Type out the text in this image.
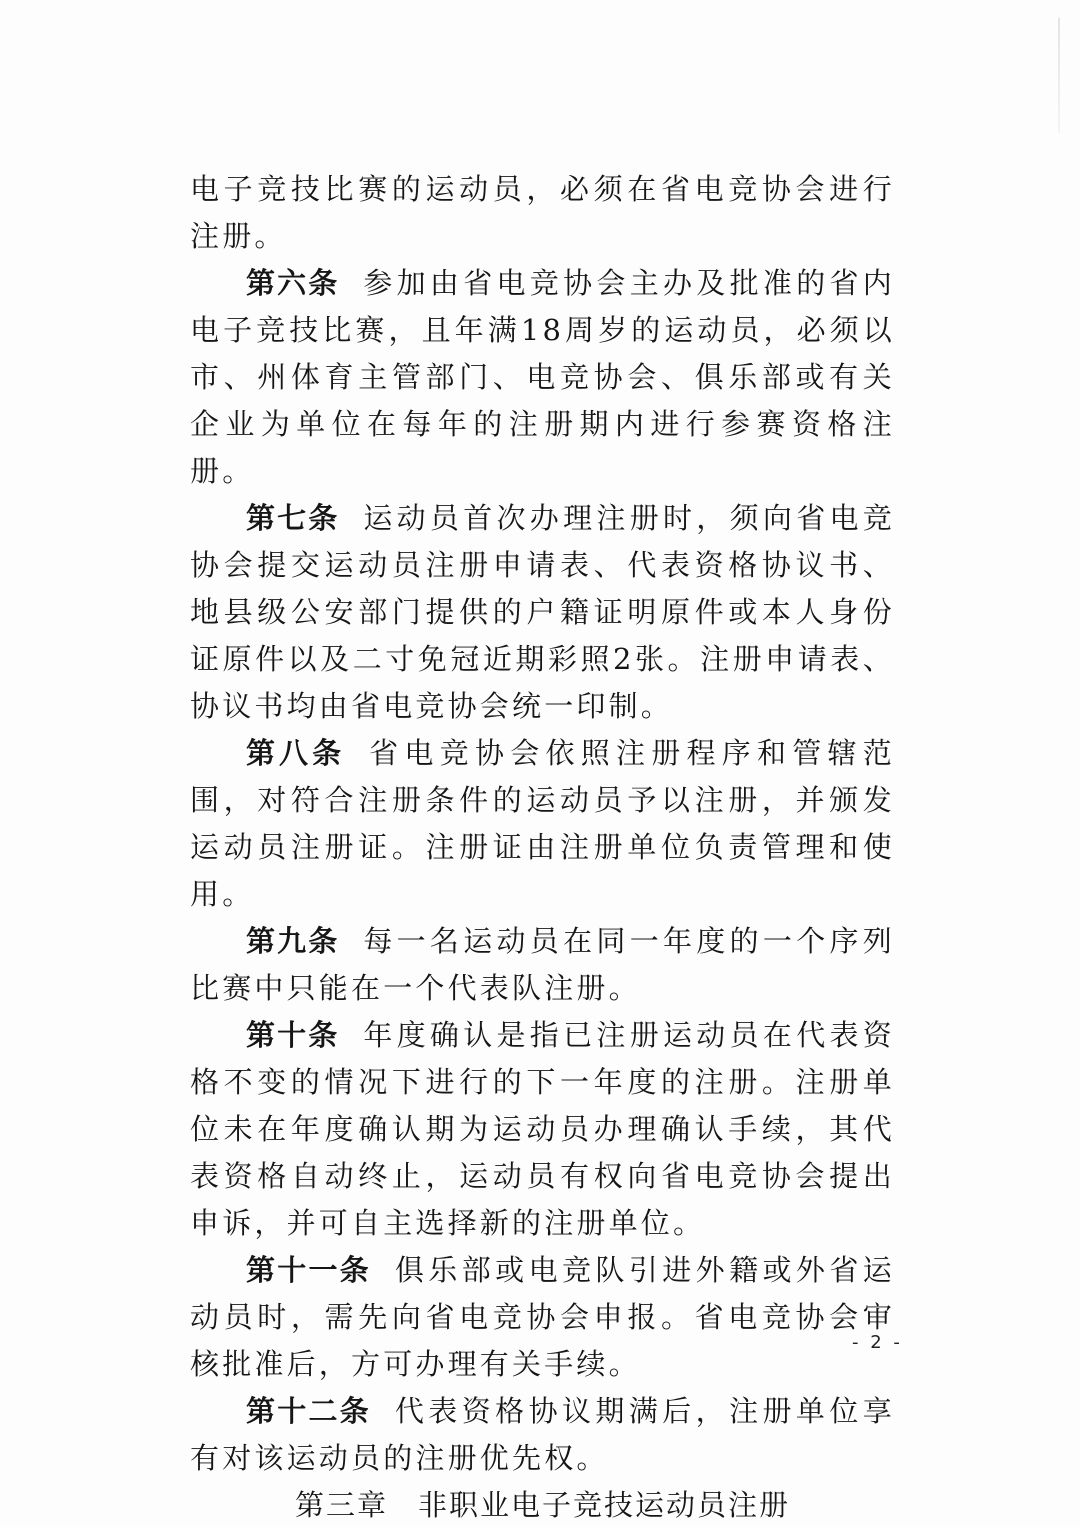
电子竞技比赛的运动员，必须在省电竞协会进行注册。

第六条 参加由省电竞协会主办及批准的省内电子竞技比赛，且年满18周岁的运动员，必须以市、州体育主管部门、电竞协会、俱乐部或有关企业为单位在每年的注册期内进行参赛资格注册。

第七条 运动员首次办理注册时，须向省电竞协会提交运动员注册申请表、代表资格协议书、地县级公安部门提供的户籍证明原件或本人身份证原件以及二寸免冠近期彩照2张。注册申请表、协议书均由省电竞协会统一印制。

第八条 省电竞协会依照注册程序和管辖范围，对符合注册条件的运动员予以注册，并颁发运动员注册证。注册证由注册单位负责管理和使用。

第九条 每一名运动员在同一年度的一个序列比赛中只能在一个代表队注册。

第十条 年度确认是指已注册运动员在代表资格不变的情况下进行的下一年度的注册。注册单位未在年度确认期为运动员办理确认手续，其代表资格自动终止，运动员有权向省电竞协会提出申诉，并可自主选择新的注册单位。

第十一条 俱乐部或电竞队引进外籍或外省运动员时，需先向省电竞协会申报。省电竞协会审核批准后，方可办理有关手续。

第十二条 代表资格协议期满后，注册单位享有对该运动员的注册优先权。

第三章 非职业电子竞技运动员注册

- 2 -
